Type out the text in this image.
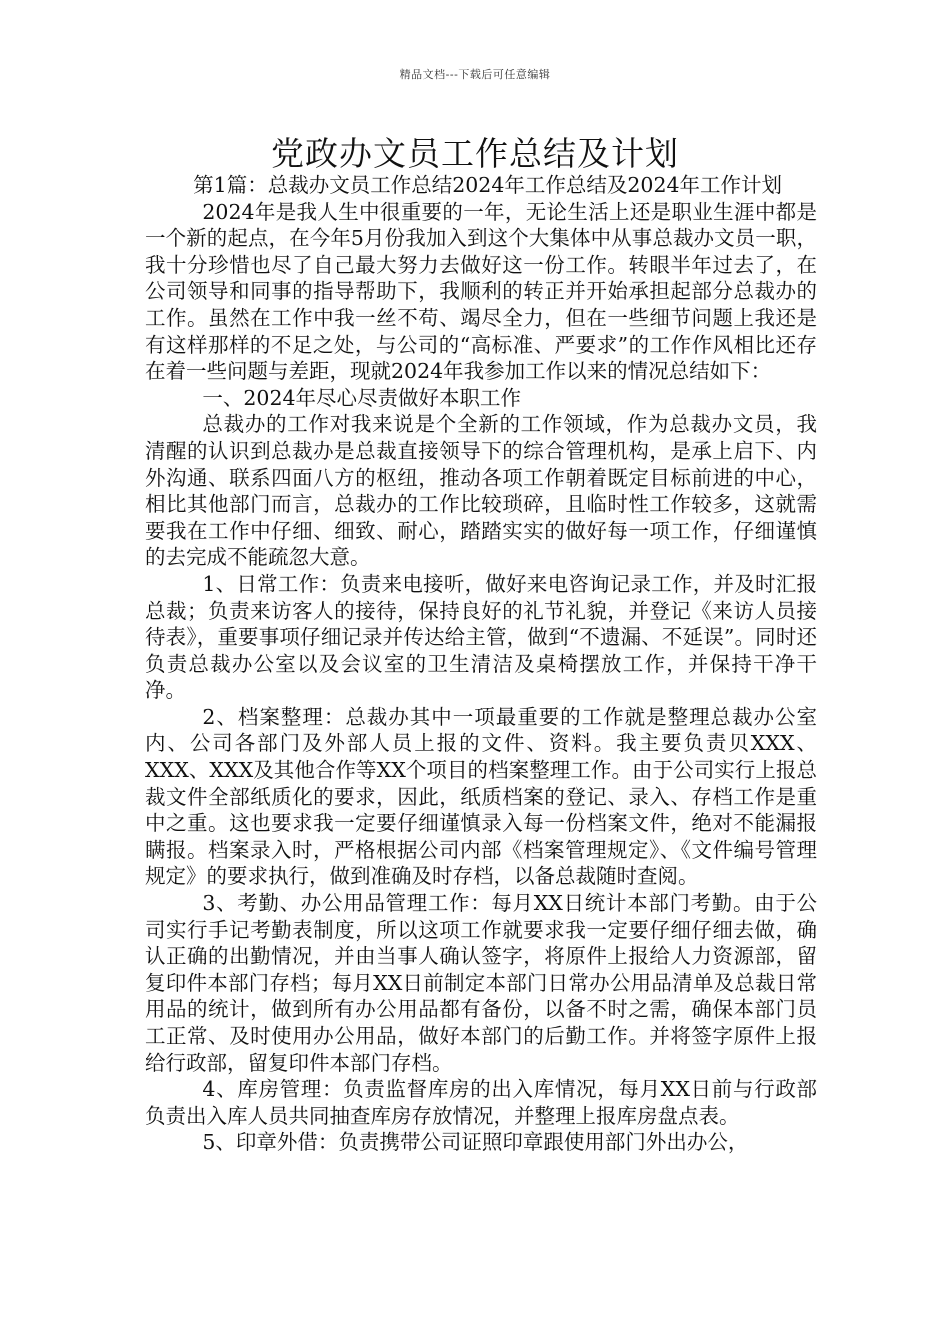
精品文档---下载后可任意编辑
党政办文员工作总结及计划

第1篇：总裁办文员工作总结2024年工作总结及2024年工作计划

2024年是我人生中很重要的一年，无论生活上还是职业生涯中都是一个新的起点，在今年5月份我加入到这个大集体中从事总裁办文员一职，我十分珍惜也尽了自己最大努力去做好这一份工作。转眼半年过去了，在公司领导和同事的指导帮助下，我顺利的转正并开始承担起部分总裁办的工作。虽然在工作中我一丝不苟、竭尽全力，但在一些细节问题上我还是有这样那样的不足之处，与公司的“高标准、严要求”的工作作风相比还存在着一些问题与差距，现就2024年我参加工作以来的情况总结如下：

一、2024年尽心尽责做好本职工作

总裁办的工作对我来说是个全新的工作领域，作为总裁办文员，我清醒的认识到总裁办是总裁直接领导下的综合管理机构，是承上启下、内外沟通、联系四面八方的枢纽，推动各项工作朝着既定目标前进的中心，相比其他部门而言，总裁办的工作比较琐碎，且临时性工作较多，这就需要我在工作中仔细、细致、耐心，踏踏实实的做好每一项工作，仔细谨慎的去完成不能疏忽大意。

1、日常工作：负责来电接听，做好来电咨询记录工作，并及时汇报总裁；负责来访客人的接待，保持良好的礼节礼貌，并登记《来访人员接待表》，重要事项仔细记录并传达给主管，做到“不遗漏、不延误”。同时还负责总裁办公室以及会议室的卫生清洁及桌椅摆放工作，并保持干净干净。

2、档案整理：总裁办其中一项最重要的工作就是整理总裁办公室内、公司各部门及外部人员上报的文件、资料。我主要负责贝XXX、XXX、XXX及其他合作等XX个项目的档案整理工作。由于公司实行上报总裁文件全部纸质化的要求，因此，纸质档案的登记、录入、存档工作是重中之重。这也要求我一定要仔细谨慎录入每一份档案文件，绝对不能漏报瞒报。档案录入时，严格根据公司内部《档案管理规定》、《文件编号管理规定》的要求执行，做到准确及时存档，以备总裁随时查阅。

3、考勤、办公用品管理工作：每月XX日统计本部门考勤。由于公司实行手记考勤表制度，所以这项工作就要求我一定要仔细仔细去做，确认正确的出勤情况，并由当事人确认签字，将原件上报给人力资源部，留复印件本部门存档；每月XX日前制定本部门日常办公用品清单及总裁日常用品的统计，做到所有办公用品都有备份，以备不时之需，确保本部门员工正常、及时使用办公用品，做好本部门的后勤工作。并将签字原件上报给行政部，留复印件本部门存档。

4、库房管理：负责监督库房的出入库情况，每月XX日前与行政部负责出入库人员共同抽查库房存放情况，并整理上报库房盘点表。

5、印章外借：负责携带公司证照印章跟使用部门外出办公，
